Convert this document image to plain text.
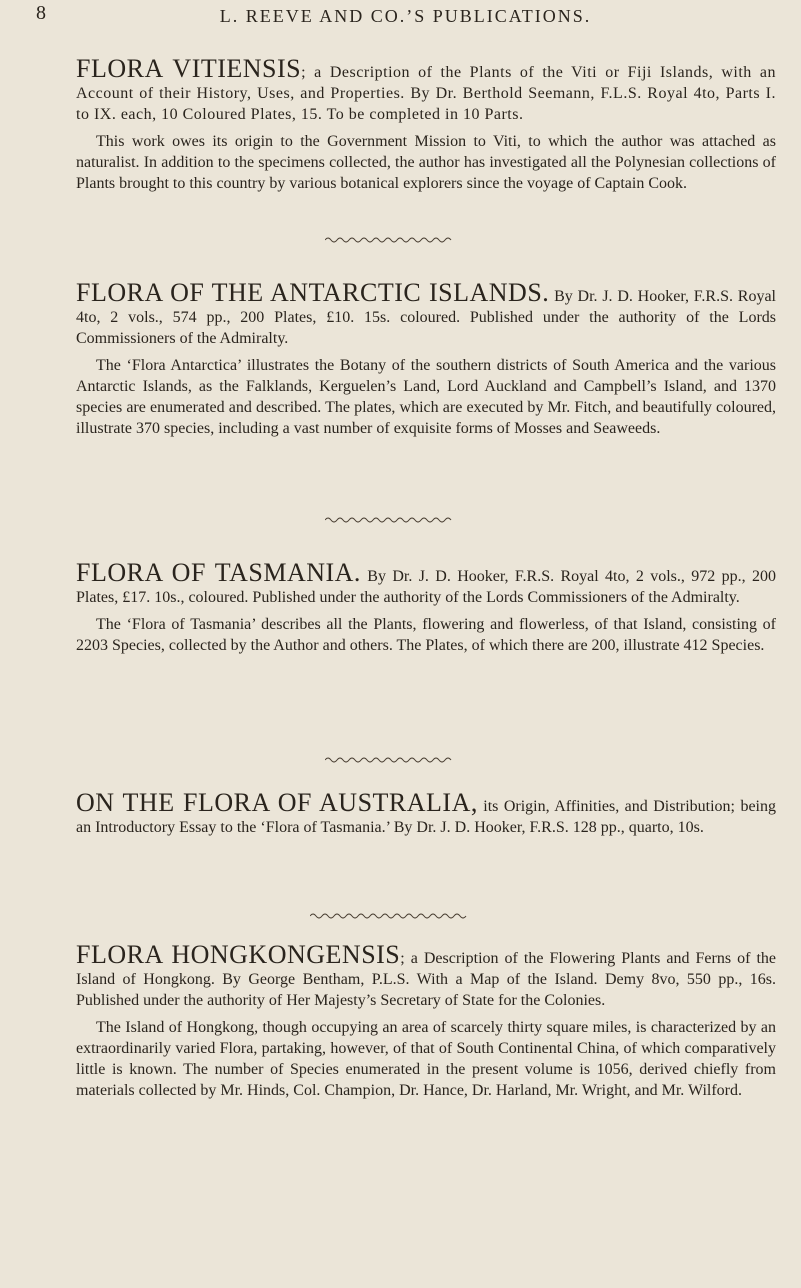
8	L. REEVE AND CO.’S PUBLICATIONS.

FLORA VITIENSIS; a Description of the Plants of the Viti or Fiji Islands, with an Account of their History, Uses, and Properties. By Dr. Berthold Seemann, F.L.S. Royal 4to, Parts I. to IX. each, 10 Coloured Plates, 15. To be completed in 10 Parts.

This work owes its origin to the Government Mission to Viti, to which the author was attached as naturalist. In addition to the specimens collected, the author has investigated all the Polynesian collections of Plants brought to this country by various botanical explorers since the voyage of Captain Cook.

FLORA OF THE ANTARCTIC ISLANDS. By Dr. J. D. Hooker, F.R.S. Royal 4to, 2 vols., 574 pp., 200 Plates, £10. 15s. coloured. Published under the authority of the Lords Commissioners of the Admiralty.

The ‘Flora Antarctica’ illustrates the Botany of the southern districts of South America and the various Antarctic Islands, as the Falklands, Kerguelen’s Land, Lord Auckland and Campbell’s Island, and 1370 species are enumerated and described. The plates, which are executed by Mr. Fitch, and beautifully coloured, illustrate 370 species, including a vast number of exquisite forms of Mosses and Seaweeds.

FLORA OF TASMANIA. By Dr. J. D. Hooker, F.R.S. Royal 4to, 2 vols., 972 pp., 200 Plates, £17. 10s., coloured. Published under the authority of the Lords Commissioners of the Admiralty.

The ‘Flora of Tasmania’ describes all the Plants, flowering and flowerless, of that Island, consisting of 2203 Species, collected by the Author and others. The Plates, of which there are 200, illustrate 412 Species.

ON THE FLORA OF AUSTRALIA, its Origin, Affinities, and Distribution; being an Introductory Essay to the ‘Flora of Tasmania.’ By Dr. J. D. Hooker, F.R.S. 128 pp., quarto, 10s.

FLORA HONGKONGENSIS; a Description of the Flowering Plants and Ferns of the Island of Hongkong. By George Bentham, P.L.S. With a Map of the Island. Demy 8vo, 550 pp., 16s. Published under the authority of Her Majesty’s Secretary of State for the Colonies.

The Island of Hongkong, though occupying an area of scarcely thirty square miles, is characterized by an extraordinarily varied Flora, partaking, however, of that of South Continental China, of which comparatively little is known. The number of Species enumerated in the present volume is 1056, derived chiefly from materials collected by Mr. Hinds, Col. Champion, Dr. Hance, Dr. Harland, Mr. Wright, and Mr. Wilford.
